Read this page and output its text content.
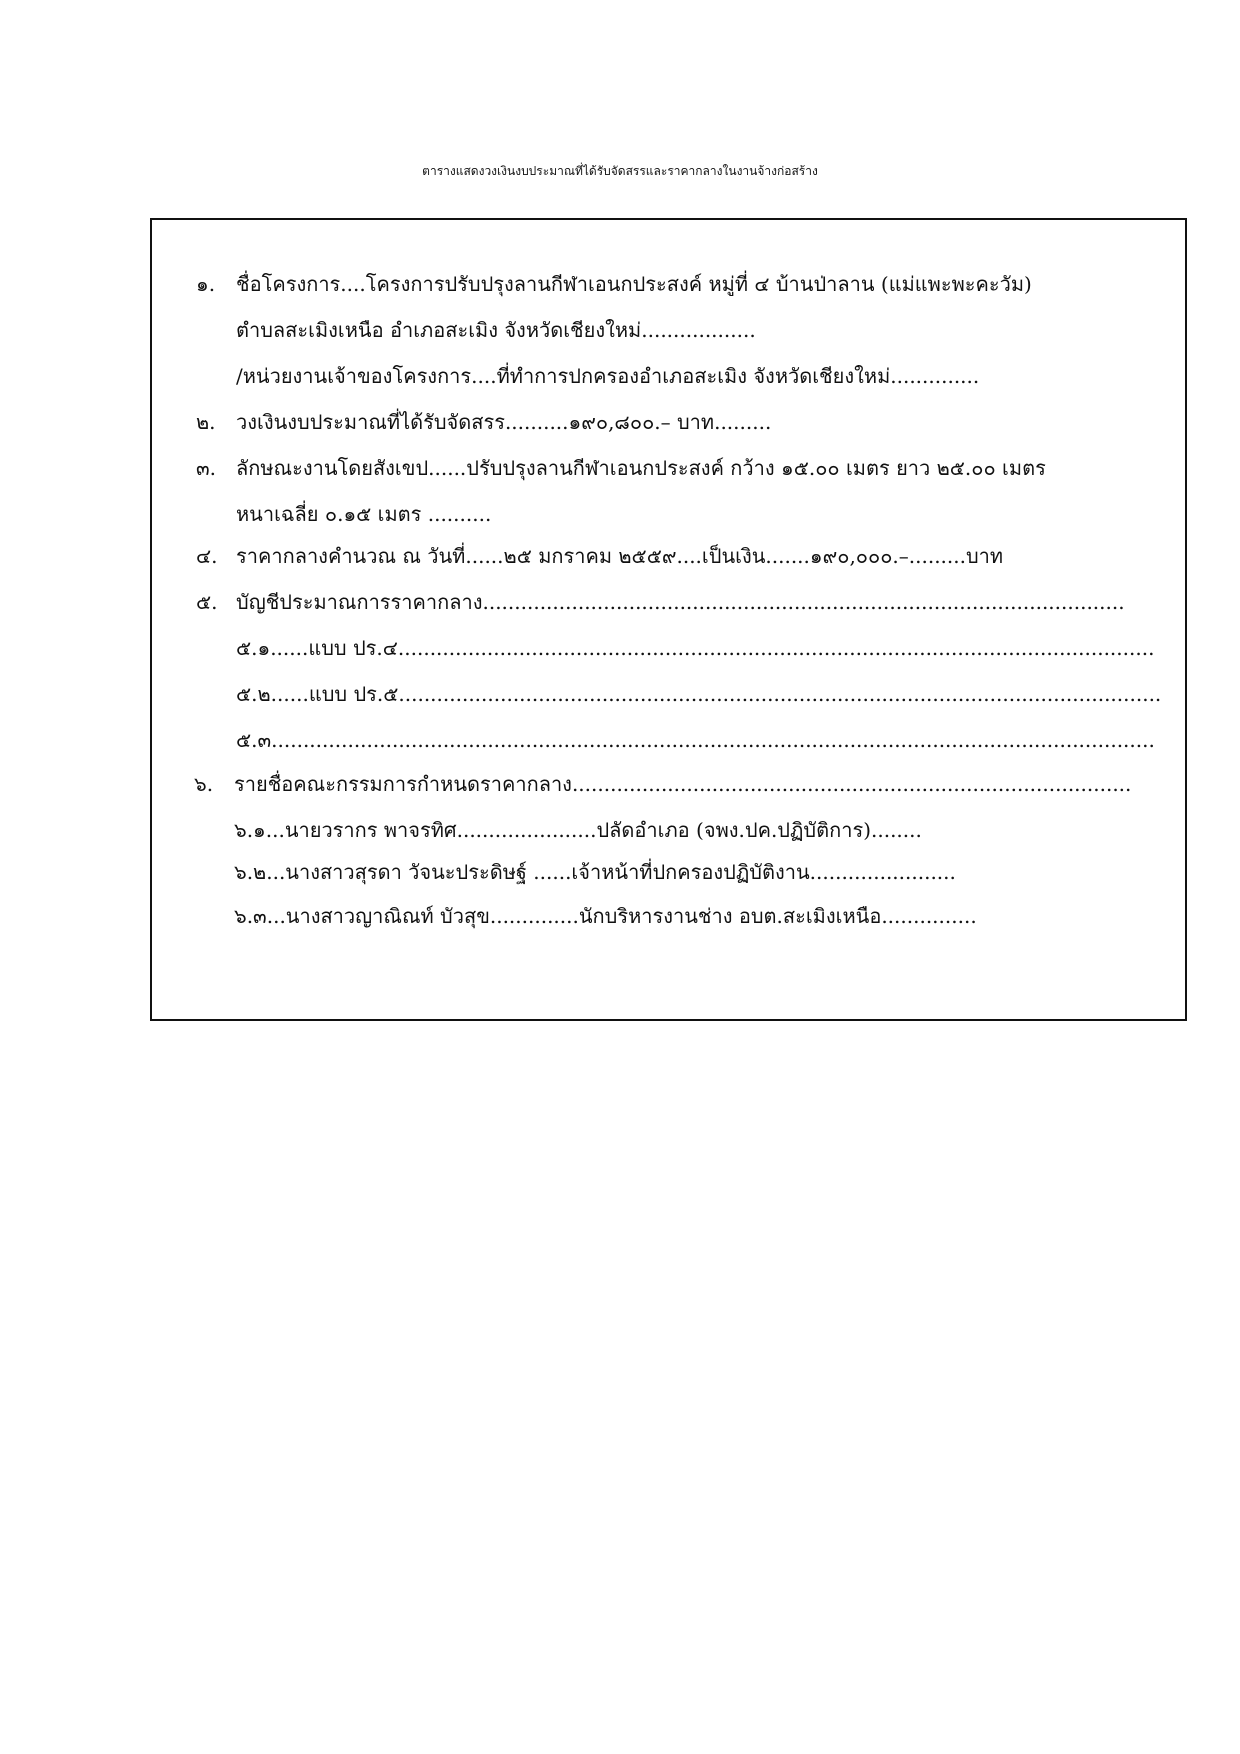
ตารางแสดงวงเงินงบประมาณที่ได้รับจัดสรรและราคากลางในงานจ้างก่อสร้าง
๑. ชื่อโครงการ....โครงการปรับปรุงลานกีฬาเอนกประสงค์ หมู่ที่ ๔ บ้านป่าลาน (แม่แพะพะคะวัม)
ตำบลสะเมิงเหนือ อำเภอสะเมิง จังหวัดเชียงใหม่..................
/หน่วยงานเจ้าของโครงการ....ที่ทำการปกครองอำเภอสะเมิง จังหวัดเชียงใหม่..............
๒. วงเงินงบประมาณที่ได้รับจัดสรร..........๑๙๐,๘๐๐.– บาท.........
๓. ลักษณะงานโดยสังเขป......ปรับปรุงลานกีฬาเอนกประสงค์ กว้าง ๑๕.๐๐ เมตร ยาว ๒๕.๐๐ เมตร
หนาเฉลี่ย ๐.๑๕ เมตร ..........
๔. ราคากลางคำนวณ ณ วันที่......๒๕ มกราคม ๒๕๕๙....เป็นเงิน.......๑๙๐,๐๐๐.–.........บาท
๕. บัญชีประมาณการราคากลาง.....................................................................................................
๕.๑......แบบ ปร.๔.......................................................................................................................
๕.๒......แบบ ปร.๕........................................................................................................................
๕.๓...........................................................................................................................................
๖. รายชื่อคณะกรรมการกำหนดราคากลาง........................................................................................
๖.๑...นายวรากร พาจรทิศ......................ปลัดอำเภอ (จพง.ปค.ปฏิบัติการ)........
๖.๒...นางสาวสุรดา วัจนะประดิษฐ์ ......เจ้าหน้าที่ปกครองปฏิบัติงาน.......................
๖.๓...นางสาวญาณิณท์ บัวสุข..............นักบริหารงานช่าง อบต.สะเมิงเหนือ...............
